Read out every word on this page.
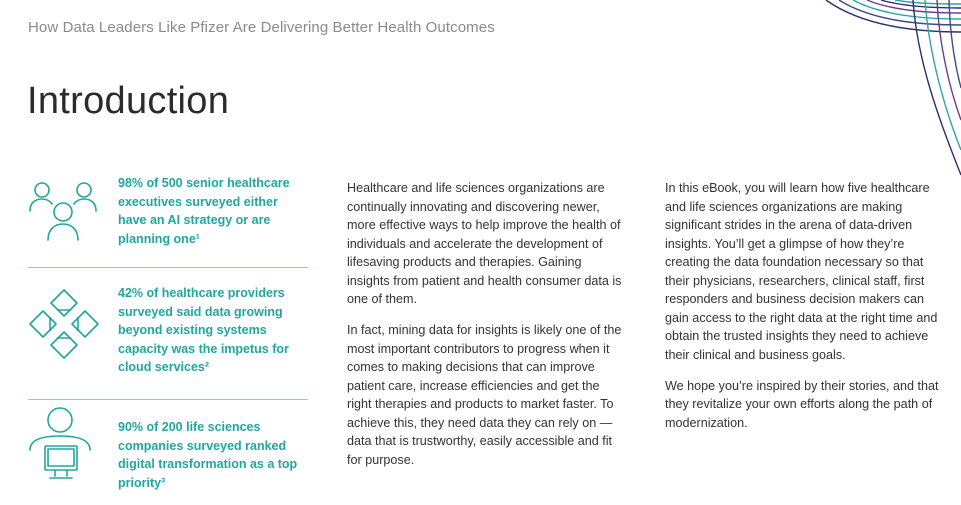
How Data Leaders Like Pfizer Are Delivering Better Health Outcomes
Introduction
98% of 500 senior healthcare executives surveyed either have an AI strategy or are planning one¹
42% of healthcare providers surveyed said data growing beyond existing systems capacity was the impetus for cloud services²
90% of 200 life sciences companies surveyed ranked digital transformation as a top priority³

Healthcare and life sciences organizations are continually innovating and discovering newer, more effective ways to help improve the health of individuals and accelerate the development of lifesaving products and therapies. Gaining insights from patient and health consumer data is one of them.

In fact, mining data for insights is likely one of the most important contributors to progress when it comes to making decisions that can improve patient care, increase efficiencies and get the right therapies and products to market faster. To achieve this, they need data they can rely on — data that is trustworthy, easily accessible and fit for purpose.

In this eBook, you will learn how five healthcare and life sciences organizations are making significant strides in the arena of data-driven insights. You’ll get a glimpse of how they’re creating the data foundation necessary so that their physicians, researchers, clinical staff, first responders and business decision makers can gain access to the right data at the right time and obtain the trusted insights they need to achieve their clinical and business goals.

We hope you’re inspired by their stories, and that they revitalize your own efforts along the path of modernization.
